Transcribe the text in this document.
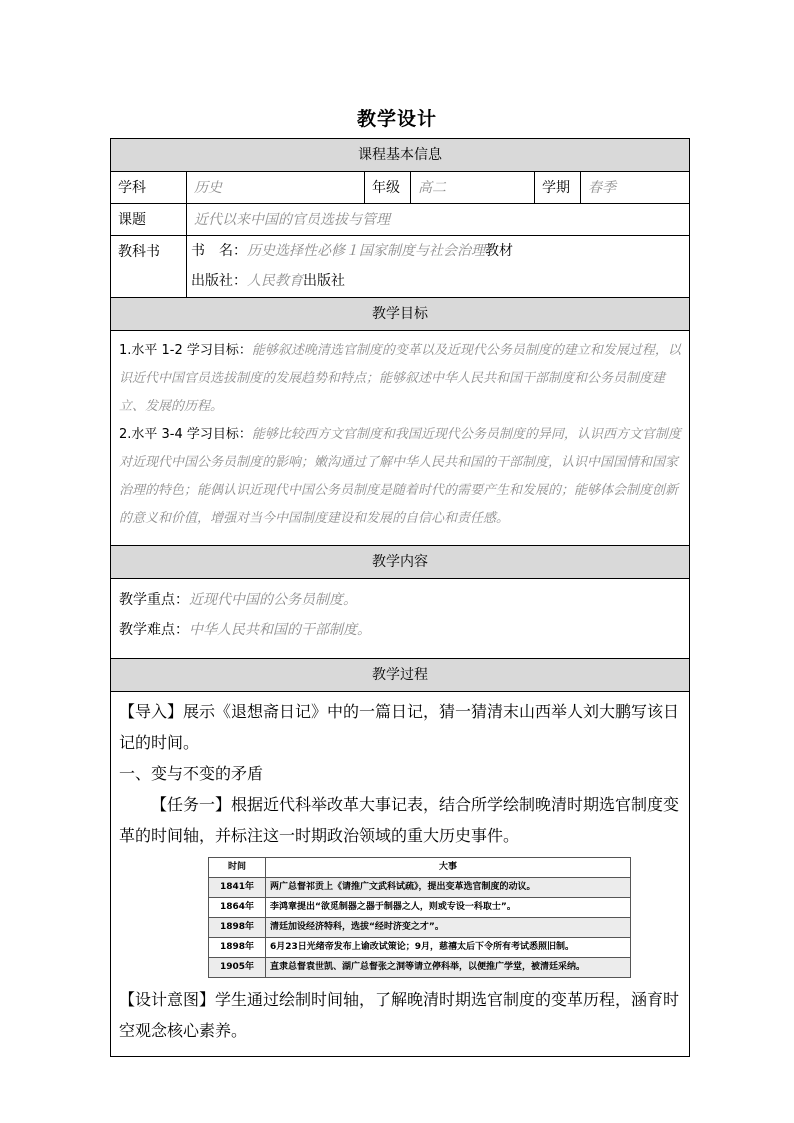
教学设计
课程基本信息
学科	历史	年级	高二	学期	春季
课题	近代以来中国的官员选拔与管理
教科书	书　名：历史选择性必修１国家制度与社会治理教材
出版社：人民教育出版社
教学目标

1.水平 1-2 学习目标：能够叙述晚清选官制度的变革以及近现代公务员制度的建立和发展过程，以识近代中国官员选拔制度的发展趋势和特点；能够叙述中华人民共和国干部制度和公务员制度建立、发展的历程。

2.水平 3-4 学习目标：能够比较西方文官制度和我国近现代公务员制度的异同，认识西方文官制度对近现代中国公务员制度的影响；嫩沟通过了解中华人民共和国的干部制度，认识中国国情和国家治理的特色；能偶认识近现代中国公务员制度是随着时代的需要产生和发展的；能够体会制度创新的意义和价值，增强对当今中国制度建设和发展的自信心和责任感。

教学内容

教学重点：近现代中国的公务员制度。

教学难点：中华人民共和国的干部制度。

教学过程

【导入】展示《退想斋日记》中的一篇日记，猜一猜清末山西举人刘大鹏写该日记的时间。

一、变与不变的矛盾

【任务一】根据近代科举改革大事记表，结合所学绘制晚清时期选官制度变革的时间轴，并标注这一时期政治领域的重大历史事件。

时间	大事
1841年	两广总督祁贡上《请推广文武科试疏》，提出变革选官制度的动议。
1864年	李鸿章提出“欲觅制器之器于制器之人，则或专设一科取士”。
1898年	清廷加设经济特科，选拔“经时济变之才”。
1898年	6月23日光绪帝发布上谕改试策论；9月，慈禧太后下令所有考试悉照旧制。
1905年	直隶总督袁世凯、湖广总督张之洞等请立停科举，以便推广学堂，被清廷采纳。

【设计意图】学生通过绘制时间轴，了解晚清时期选官制度的变革历程，涵育时空观念核心素养。
